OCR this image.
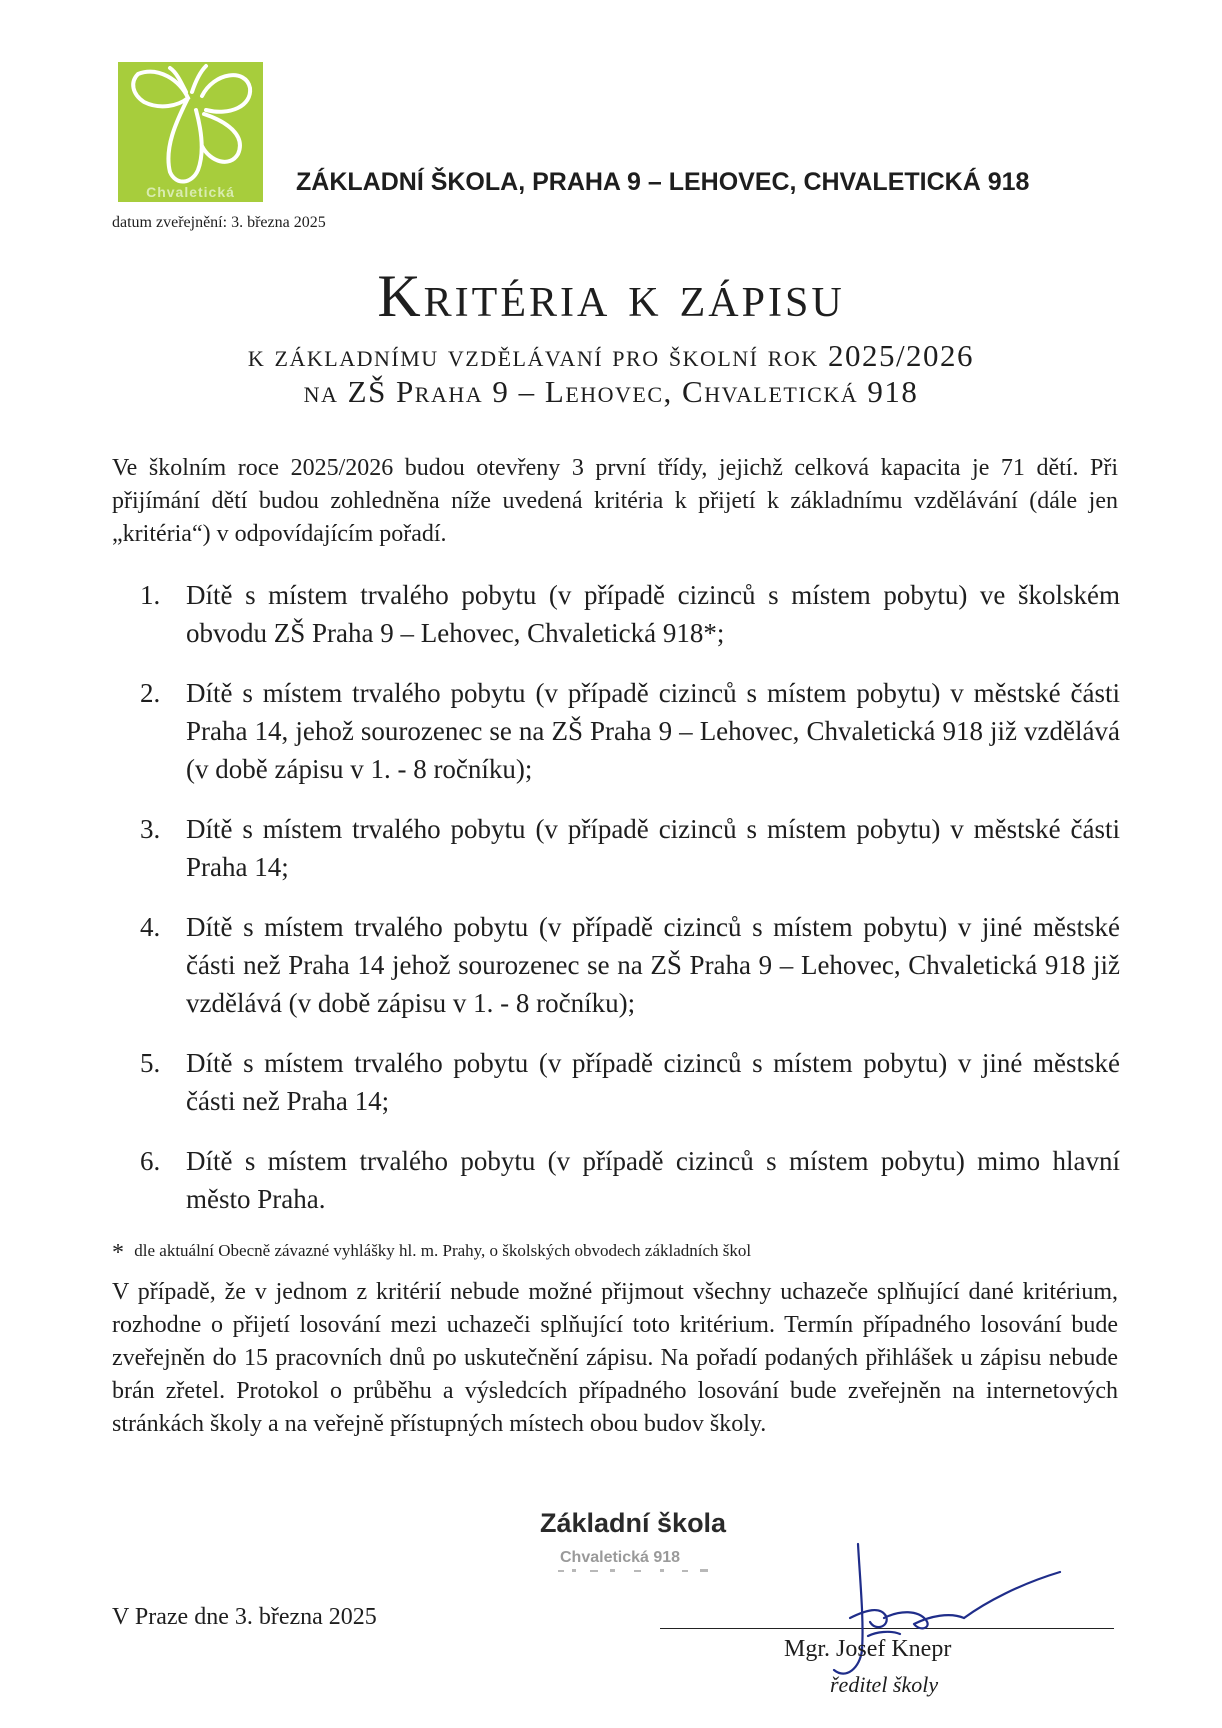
Chvaletická	ZÁKLADNÍ ŠKOLA, PRAHA 9 – LEHOVEC, CHVALETICKÁ 918
datum zveřejnění: 3. března 2025
Kritéria k zápisu
k základnímu vzdělávaní pro školní rok 2025/2026
na ZŠ Praha 9 – Lehovec, Chvaletická 918
Ve školním roce 2025/2026 budou otevřeny 3 první třídy, jejichž celková kapacita je 71 dětí. Při přijímání dětí budou zohledněna níže uvedená kritéria k přijetí k základnímu vzdělávání (dále jen „kritéria“) v odpovídajícím pořadí.
1. Dítě s místem trvalého pobytu (v případě cizinců s místem pobytu) ve školském obvodu ZŠ Praha 9 – Lehovec, Chvaletická 918*;
2. Dítě s místem trvalého pobytu (v případě cizinců s místem pobytu) v městské části Praha 14, jehož sourozenec se na ZŠ Praha 9 – Lehovec, Chvaletická 918 již vzdělává (v době zápisu v 1. - 8 ročníku);
3. Dítě s místem trvalého pobytu (v případě cizinců s místem pobytu) v městské části Praha 14;
4. Dítě s místem trvalého pobytu (v případě cizinců s místem pobytu) v jiné městské části než Praha 14 jehož sourozenec se na ZŠ Praha 9 – Lehovec, Chvaletická 918 již vzdělává (v době zápisu v 1. - 8 ročníku);
5. Dítě s místem trvalého pobytu (v případě cizinců s místem pobytu) v jiné městské části než Praha 14;
6. Dítě s místem trvalého pobytu (v případě cizinců s místem pobytu) mimo hlavní město Praha.
* dle aktuální Obecně závazné vyhlášky hl. m. Prahy, o školských obvodech základních škol
V případě, že v jednom z kritérií nebude možné přijmout všechny uchazeče splňující dané kritérium, rozhodne o přijetí losování mezi uchazeči splňující toto kritérium. Termín případného losování bude zveřejněn do 15 pracovních dnů po uskutečnění zápisu. Na pořadí podaných přihlášek u zápisu nebude brán zřetel. Protokol o průběhu a výsledcích případného losování bude zveřejněn na internetových stránkách školy a na veřejně přístupných místech obou budov školy.
Základní škola
Chvaletická 918
V Praze dne 3. března 2025
Mgr. Josef Knepr
ředitel školy
